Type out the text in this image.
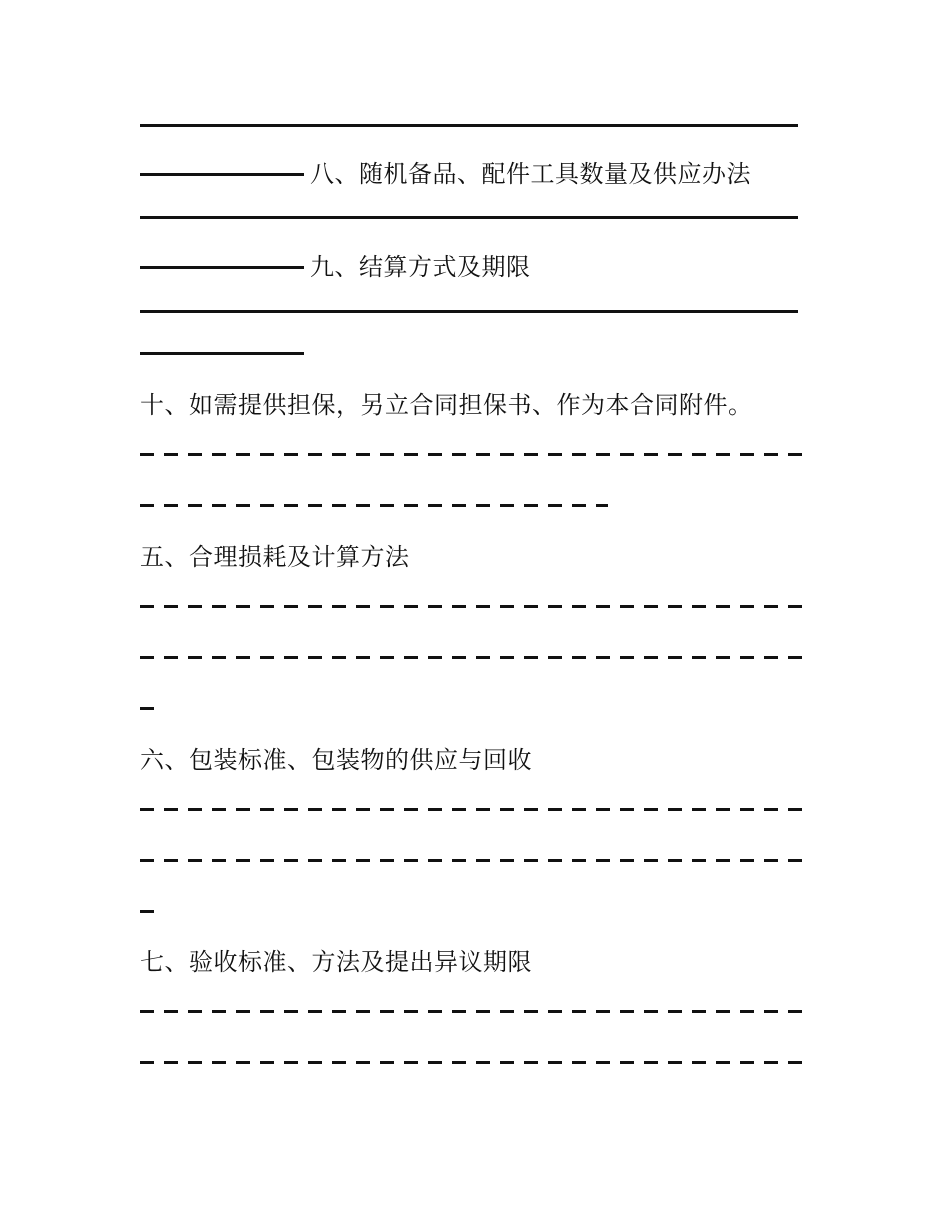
八、随机备品、配件工具数量及供应办法
九、结算方式及期限
十、如需提供担保，另立合同担保书、作为本合同附件。
五、合理损耗及计算方法
六、包装标准、包装物的供应与回收
七、验收标准、方法及提出异议期限
